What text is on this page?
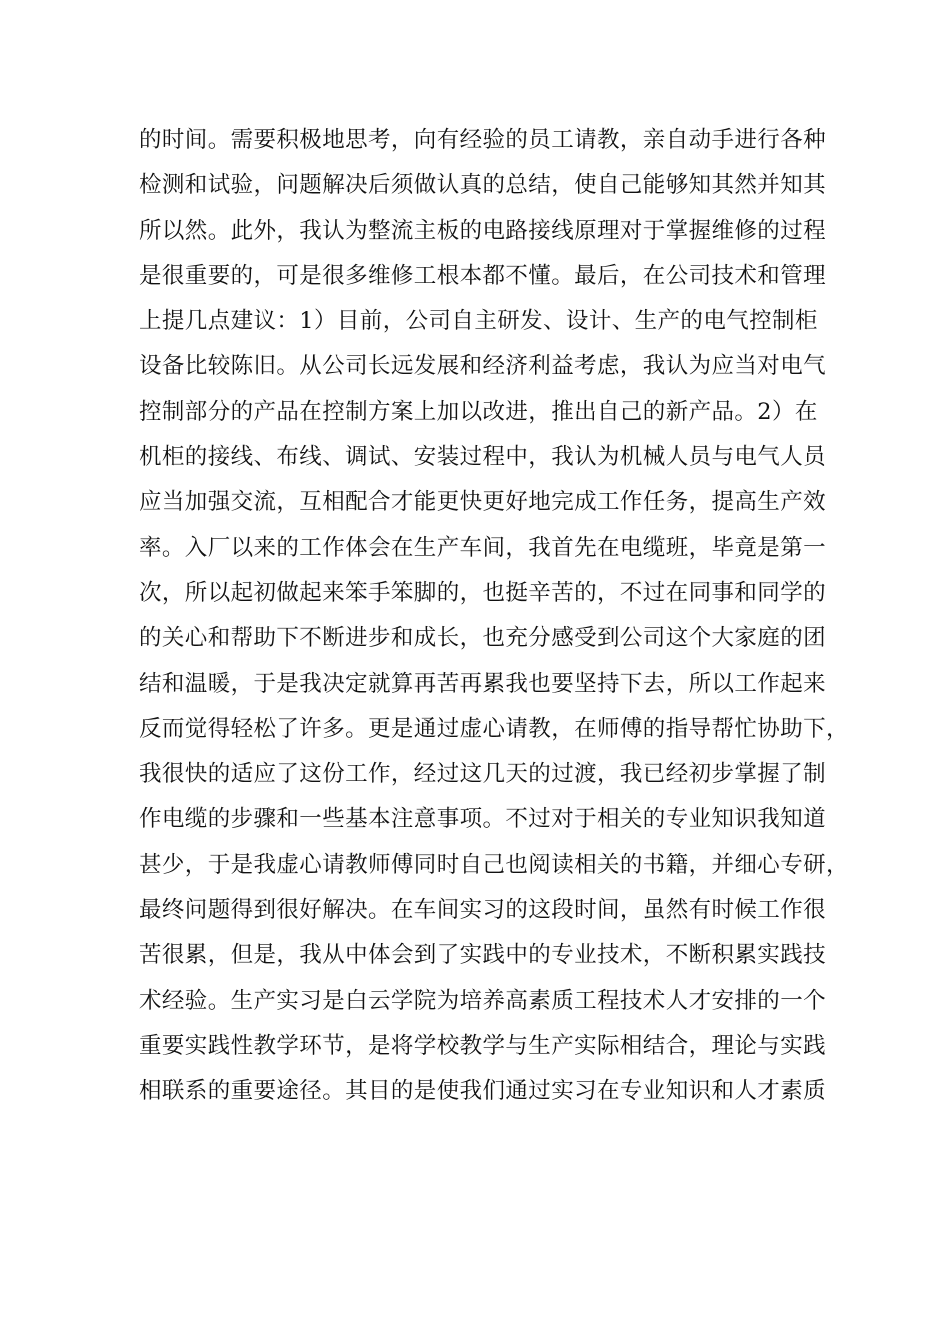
的时间。需要积极地思考，向有经验的员工请教，亲自动手进行各种
检测和试验，问题解决后须做认真的总结，使自己能够知其然并知其
所以然。此外，我认为整流主板的电路接线原理对于掌握维修的过程
是很重要的，可是很多维修工根本都不懂。最后，在公司技术和管理
上提几点建议：1）目前，公司自主研发、设计、生产的电气控制柜
设备比较陈旧。从公司长远发展和经济利益考虑，我认为应当对电气
控制部分的产品在控制方案上加以改进，推出自己的新产品。2）在
机柜的接线、布线、调试、安装过程中，我认为机械人员与电气人员
应当加强交流，互相配合才能更快更好地完成工作任务，提高生产效
率。入厂以来的工作体会在生产车间，我首先在电缆班，毕竟是第一
次，所以起初做起来笨手笨脚的，也挺辛苦的，不过在同事和同学的
的关心和帮助下不断进步和成长，也充分感受到公司这个大家庭的团
结和温暖，于是我决定就算再苦再累我也要坚持下去，所以工作起来
反而觉得轻松了许多。更是通过虚心请教，在师傅的指导帮忙协助下，
我很快的适应了这份工作，经过这几天的过渡，我已经初步掌握了制
作电缆的步骤和一些基本注意事项。不过对于相关的专业知识我知道
甚少，于是我虚心请教师傅同时自己也阅读相关的书籍，并细心专研，
最终问题得到很好解决。在车间实习的这段时间，虽然有时候工作很
苦很累，但是，我从中体会到了实践中的专业技术，不断积累实践技
术经验。生产实习是白云学院为培养高素质工程技术人才安排的一个
重要实践性教学环节，是将学校教学与生产实际相结合，理论与实践
相联系的重要途径。其目的是使我们通过实习在专业知识和人才素质
